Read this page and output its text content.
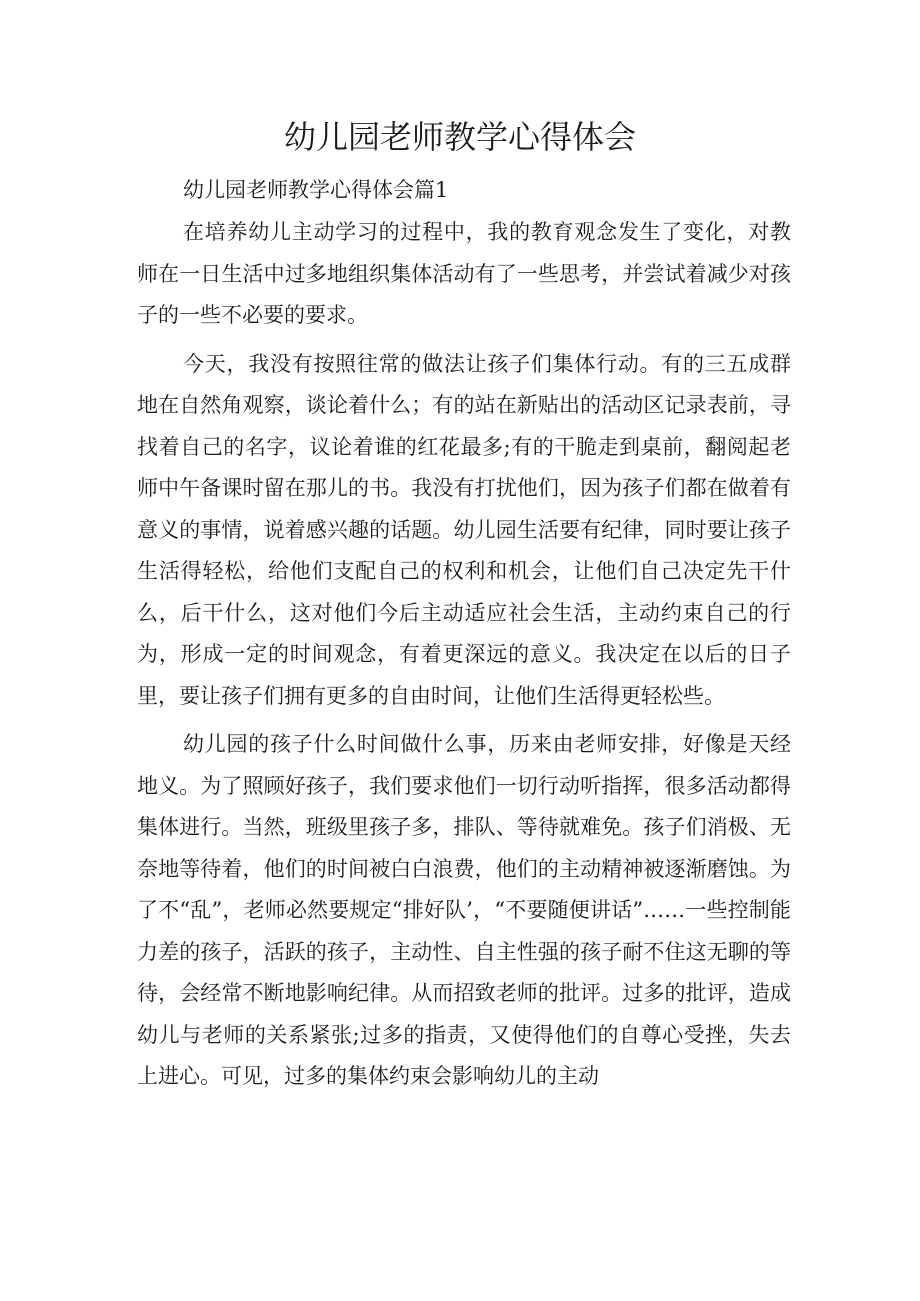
幼儿园老师教学心得体会

幼儿园老师教学心得体会篇1

在培养幼儿主动学习的过程中，我的教育观念发生了变化，对教师在一日生活中过多地组织集体活动有了一些思考，并尝试着减少对孩子的一些不必要的要求。

今天，我没有按照往常的做法让孩子们集体行动。有的三五成群地在自然角观察，谈论着什么；有的站在新贴出的活动区记录表前，寻找着自己的名字，议论着谁的红花最多;有的干脆走到桌前，翻阅起老师中午备课时留在那儿的书。我没有打扰他们，因为孩子们都在做着有意义的事情，说着感兴趣的话题。幼儿园生活要有纪律，同时要让孩子生活得轻松，给他们支配自己的权利和机会，让他们自己决定先干什么，后干什么，这对他们今后主动适应社会生活，主动约束自己的行为，形成一定的时间观念，有着更深远的意义。我决定在以后的日子里，要让孩子们拥有更多的自由时间，让他们生活得更轻松些。

幼儿园的孩子什么时间做什么事，历来由老师安排，好像是天经地义。为了照顾好孩子，我们要求他们一切行动听指挥，很多活动都得集体进行。当然，班级里孩子多，排队、等待就难免。孩子们消极、无奈地等待着，他们的时间被白白浪费，他们的主动精神被逐渐磨蚀。为了不“乱”，老师必然要规定“排好队’，“不要随便讲话”……一些控制能力差的孩子，活跃的孩子，主动性、自主性强的孩子耐不住这无聊的等待，会经常不断地影响纪律。从而招致老师的批评。过多的批评，造成幼儿与老师的关系紧张;过多的指责，又使得他们的自尊心受挫，失去上进心。可见，过多的集体约束会影响幼儿的主动
